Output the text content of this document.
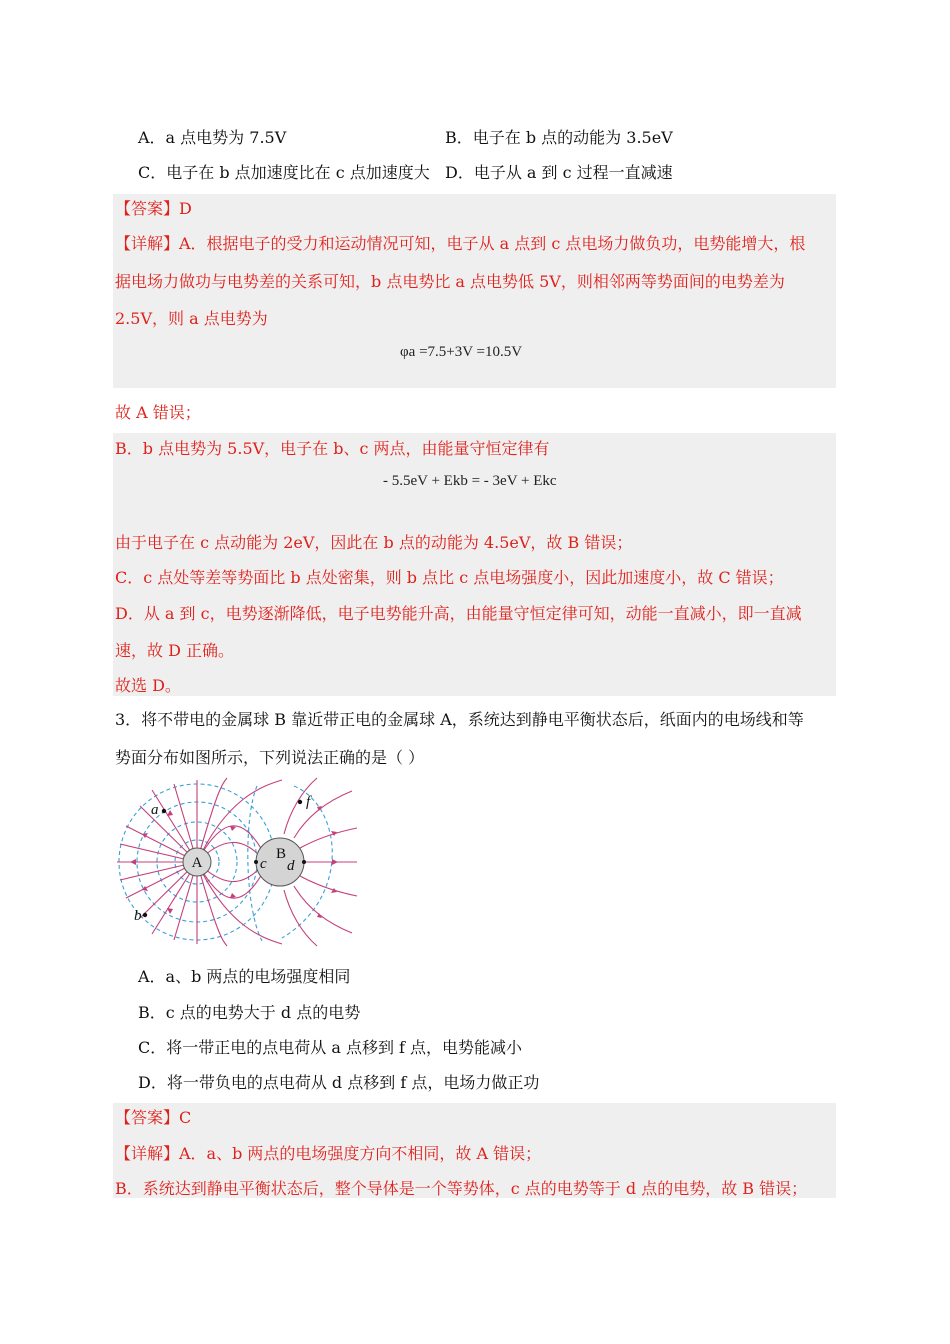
A．a 点电势为 7.5V	B．电子在 b 点的动能为 3.5eV
C．电子在 b 点加速度比在 c 点加速度大 D．电子从 a 到 c 过程一直减速
【答案】D
【详解】A．根据电子的受力和运动情况可知，电子从 a 点到 c 点电场力做负功，电势能增大，根
据电场力做功与电势差的关系可知，b 点电势比 a 点电势低 5V，则相邻两等势面间的电势差为
2.5V，则 a 点电势为
φa =7.5+3V =10.5V
故 A 错误；
B．b 点电势为 5.5V，电子在 b、c 两点，由能量守恒定律有
- 5.5eV + Ekb = - 3eV + Ekc
由于电子在 c 点动能为 2eV，因此在 b 点的动能为 4.5eV，故 B 错误；
C．c 点处等差等势面比 b 点处密集，则 b 点比 c 点电场强度小，因此加速度小，故 C 错误；
D．从 a 到 c，电势逐渐降低，电子电势能升高，由能量守恒定律可知，动能一直减小，即一直减
速，故 D 正确。
故选 D。
3．将不带电的金属球 B 靠近带正电的金属球 A，系统达到静电平衡状态后，纸面内的电场线和等
势面分布如图所示，下列说法正确的是（ ）
A
B
a
b
c d
f
A．a、b 两点的电场强度相同
B．c 点的电势大于 d 点的电势
C．将一带正电的点电荷从 a 点移到 f 点，电势能减小
D．将一带负电的点电荷从 d 点移到 f 点，电场力做正功
【答案】C
【详解】A．a、b 两点的电场强度方向不相同，故 A 错误；
B．系统达到静电平衡状态后，整个导体是一个等势体，c 点的电势等于 d 点的电势，故 B 错误；
